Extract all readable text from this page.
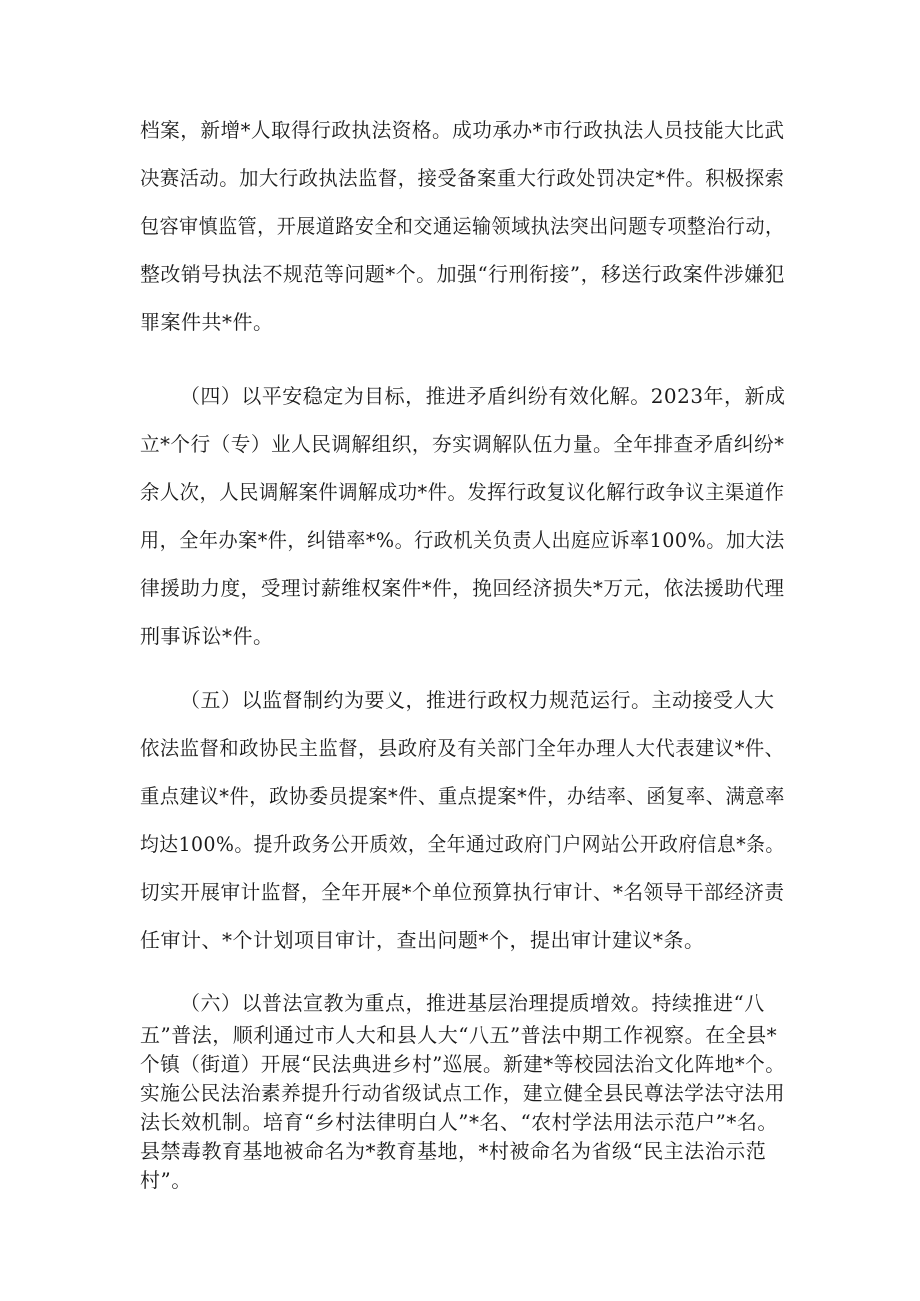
档案，新增*人取得行政执法资格。成功承办*市行政执法人员技能大比武
决赛活动。加大行政执法监督，接受备案重大行政处罚决定*件。积极探索
包容审慎监管，开展道路安全和交通运输领域执法突出问题专项整治行动，
整改销号执法不规范等问题*个。加强“行刑衔接”，移送行政案件涉嫌犯
罪案件共*件。
（四）以平安稳定为目标，推进矛盾纠纷有效化解。2023年，新成
立*个行（专）业人民调解组织，夯实调解队伍力量。全年排查矛盾纠纷*
余人次，人民调解案件调解成功*件。发挥行政复议化解行政争议主渠道作
用，全年办案*件，纠错率*%。行政机关负责人出庭应诉率100%。加大法
律援助力度，受理讨薪维权案件*件，挽回经济损失*万元，依法援助代理
刑事诉讼*件。
（五）以监督制约为要义，推进行政权力规范运行。主动接受人大
依法监督和政协民主监督，县政府及有关部门全年办理人大代表建议*件、
重点建议*件，政协委员提案*件、重点提案*件，办结率、函复率、满意率
均达100%。提升政务公开质效，全年通过政府门户网站公开政府信息*条。
切实开展审计监督，全年开展*个单位预算执行审计、*名领导干部经济责
任审计、*个计划项目审计，查出问题*个，提出审计建议*条。
（六）以普法宣教为重点，推进基层治理提质增效。持续推进“八
五”普法，顺利通过市人大和县人大“八五”普法中期工作视察。在全县*
个镇（街道）开展“民法典进乡村”巡展。新建*等校园法治文化阵地*个。
实施公民法治素养提升行动省级试点工作，建立健全县民尊法学法守法用
法长效机制。培育“乡村法律明白人”*名、“农村学法用法示范户”*名。
县禁毒教育基地被命名为*教育基地，*村被命名为省级“民主法治示范
村”。
